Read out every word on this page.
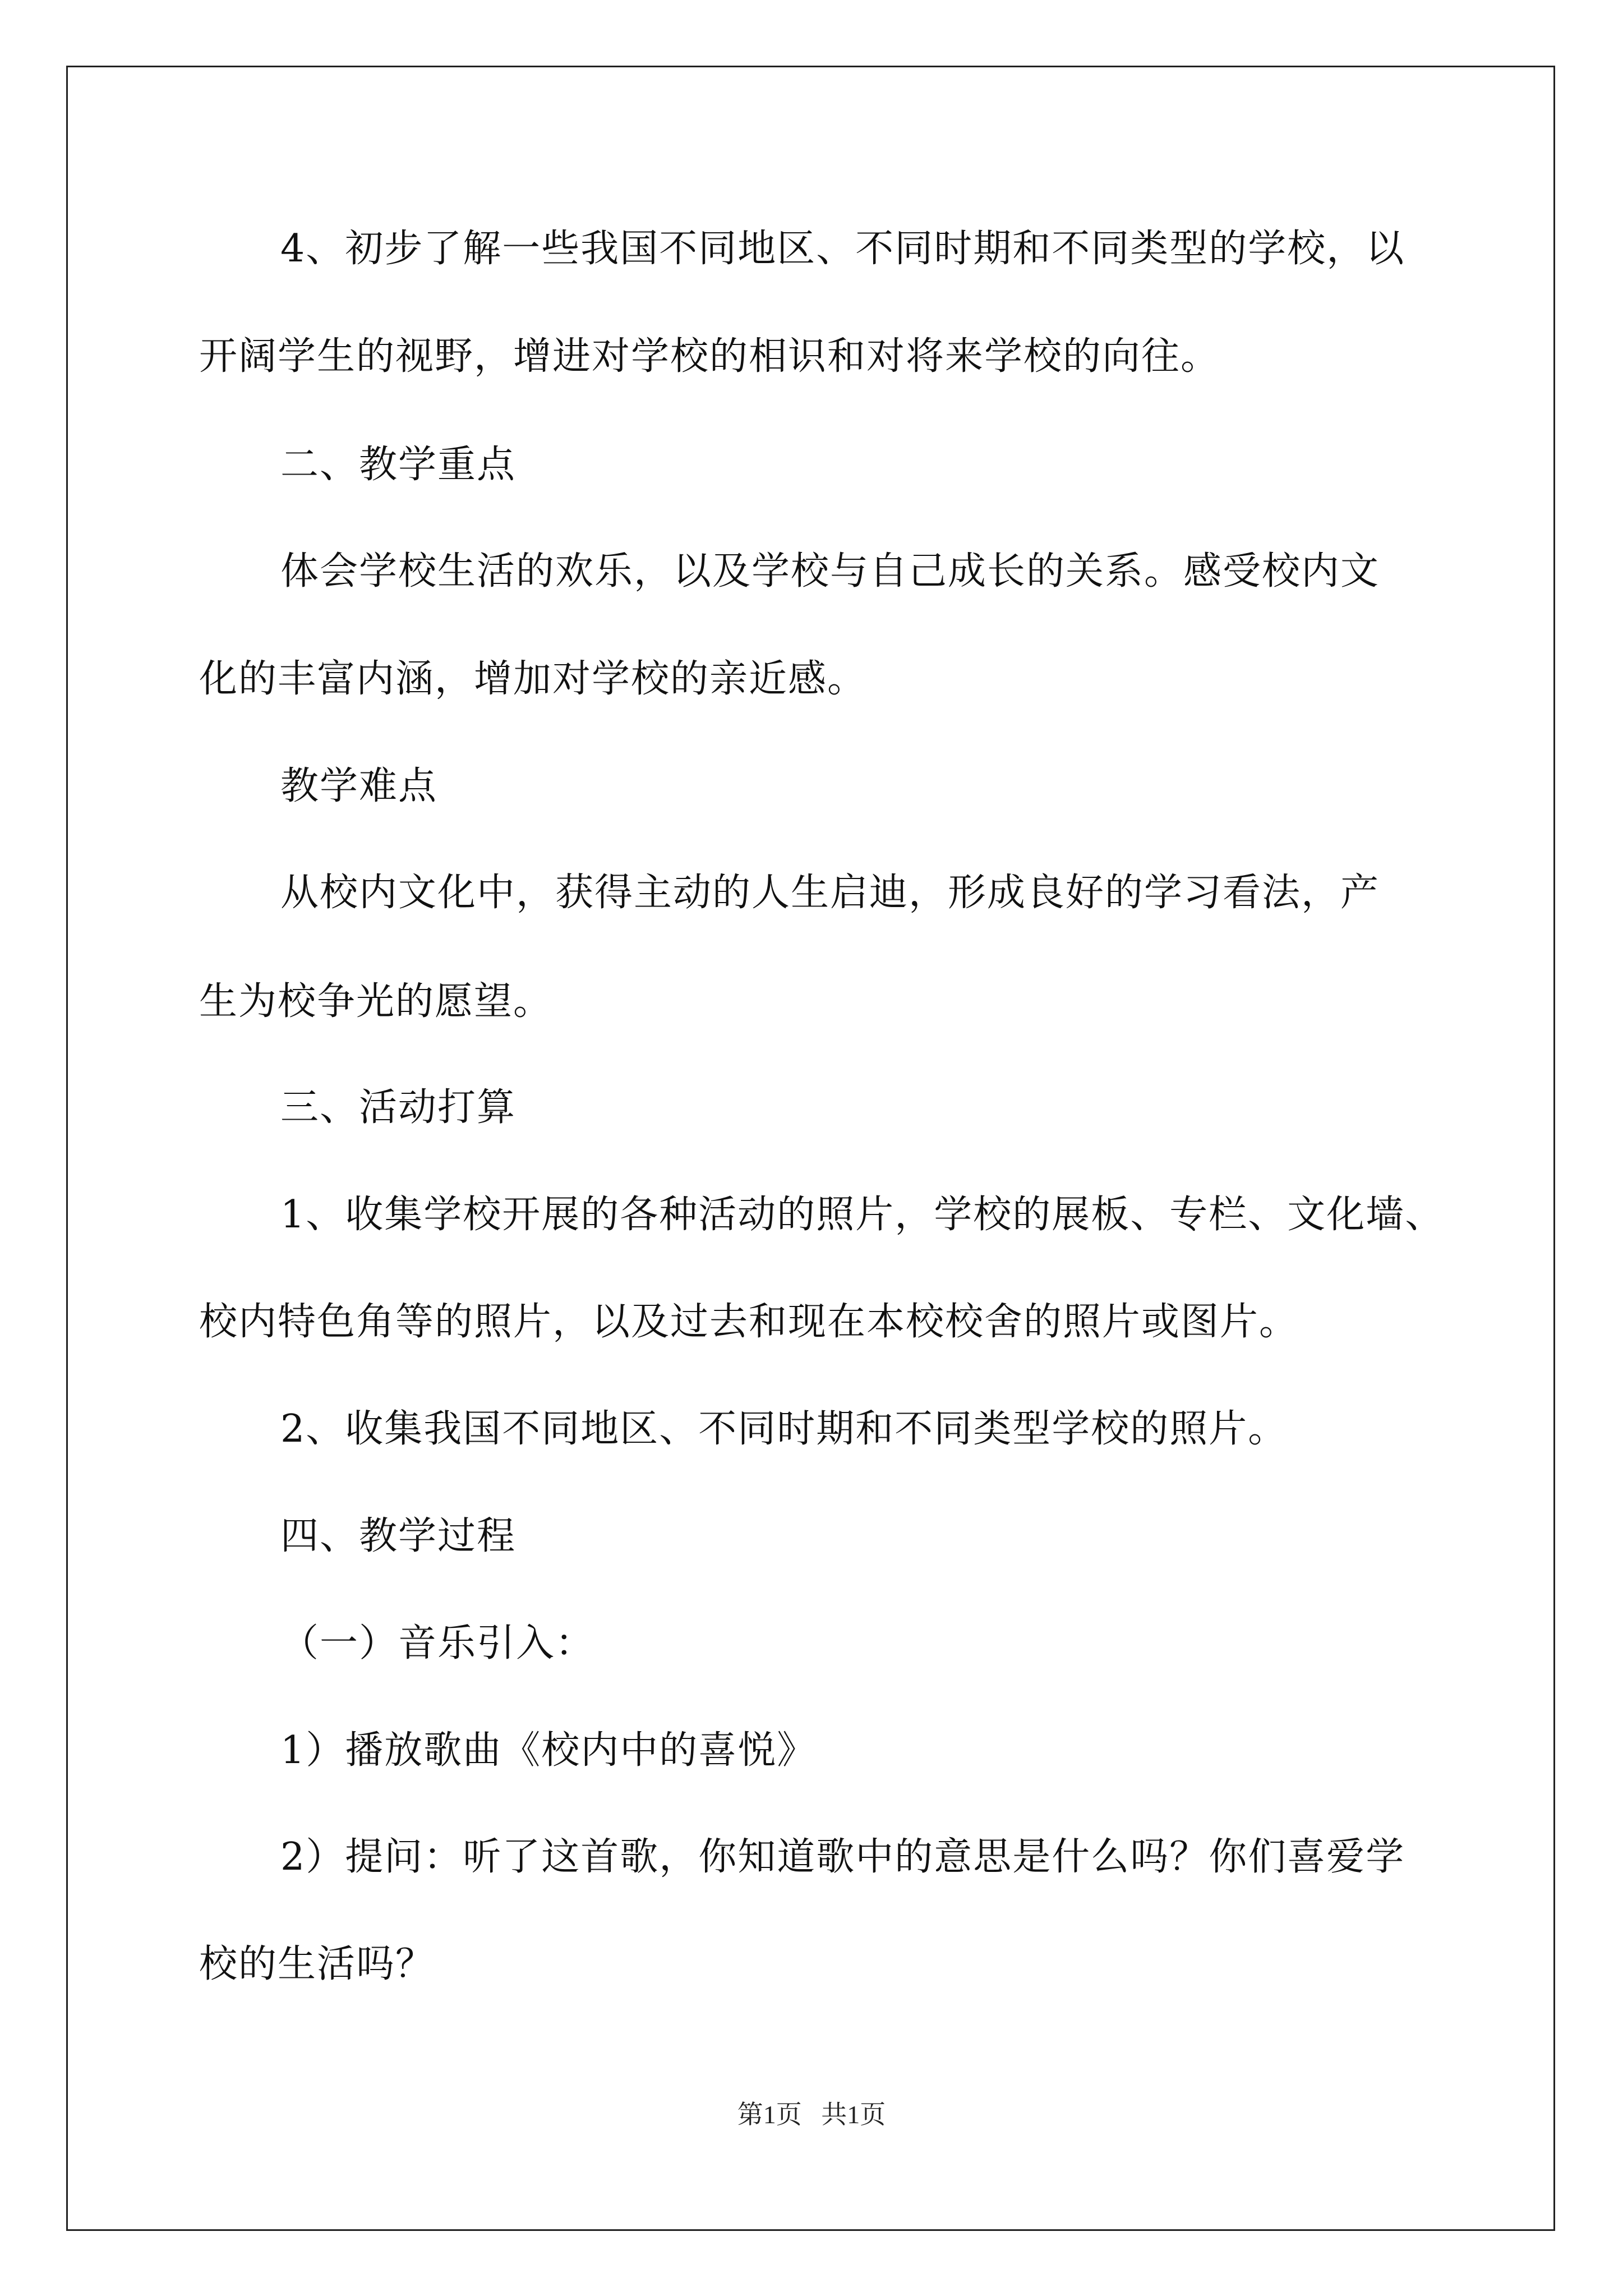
4、初步了解一些我国不同地区、不同时期和不同类型的学校，以
开阔学生的视野，增进对学校的相识和对将来学校的向往。
二、教学重点
体会学校生活的欢乐，以及学校与自己成长的关系。感受校内文
化的丰富内涵，增加对学校的亲近感。
教学难点
从校内文化中，获得主动的人生启迪，形成良好的学习看法，产
生为校争光的愿望。
三、活动打算
1、收集学校开展的各种活动的照片，学校的展板、专栏、文化墙、
校内特色角等的照片，以及过去和现在本校校舍的照片或图片。
2、收集我国不同地区、不同时期和不同类型学校的照片。
四、教学过程
（一）音乐引入：
1）播放歌曲《校内中的喜悦》
2）提问：听了这首歌，你知道歌中的意思是什么吗？你们喜爱学
校的生活吗？
第1页   共1页
